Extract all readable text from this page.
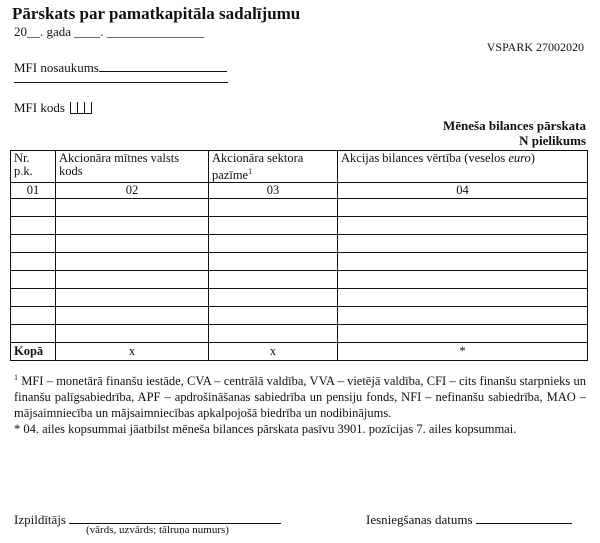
Pārskats par pamatkapitāla sadalījumu
20__. gada ____. _______________
VSPARK 27002020
MFI nosaukums
MFI kods
Mēneša bilances pārskata
N pielikums
Nr.
p.k.	Akcionāra mītnes valsts kods	Akcionāra sektora pazīme$^1$	Akcijas bilances vērtība (veselos euro)
01	02	03	04

Kopā	x	x	*

$^1$ MFI – monetārā finanšu iestāde, CVA – centrālā valdība, VVA – vietējā valdība, CFI – cits finanšu starpnieks un finanšu palīgsabiedrība, APF – apdrošināšanas sabiedrība un pensiju fonds, NFI – nefinanšu sabiedrība, MAO – mājsaimniecība un mājsaimniecības apkalpojošā biedrība un nodibinājums.

* 04. ailes kopsummai jāatbilst mēneša bilances pārskata pasīvu 3901. pozīcijas 7. ailes kopsummai.

Izpildītājs
(vārds, uzvārds; tālruņa numurs)
Iesniegšanas datums
